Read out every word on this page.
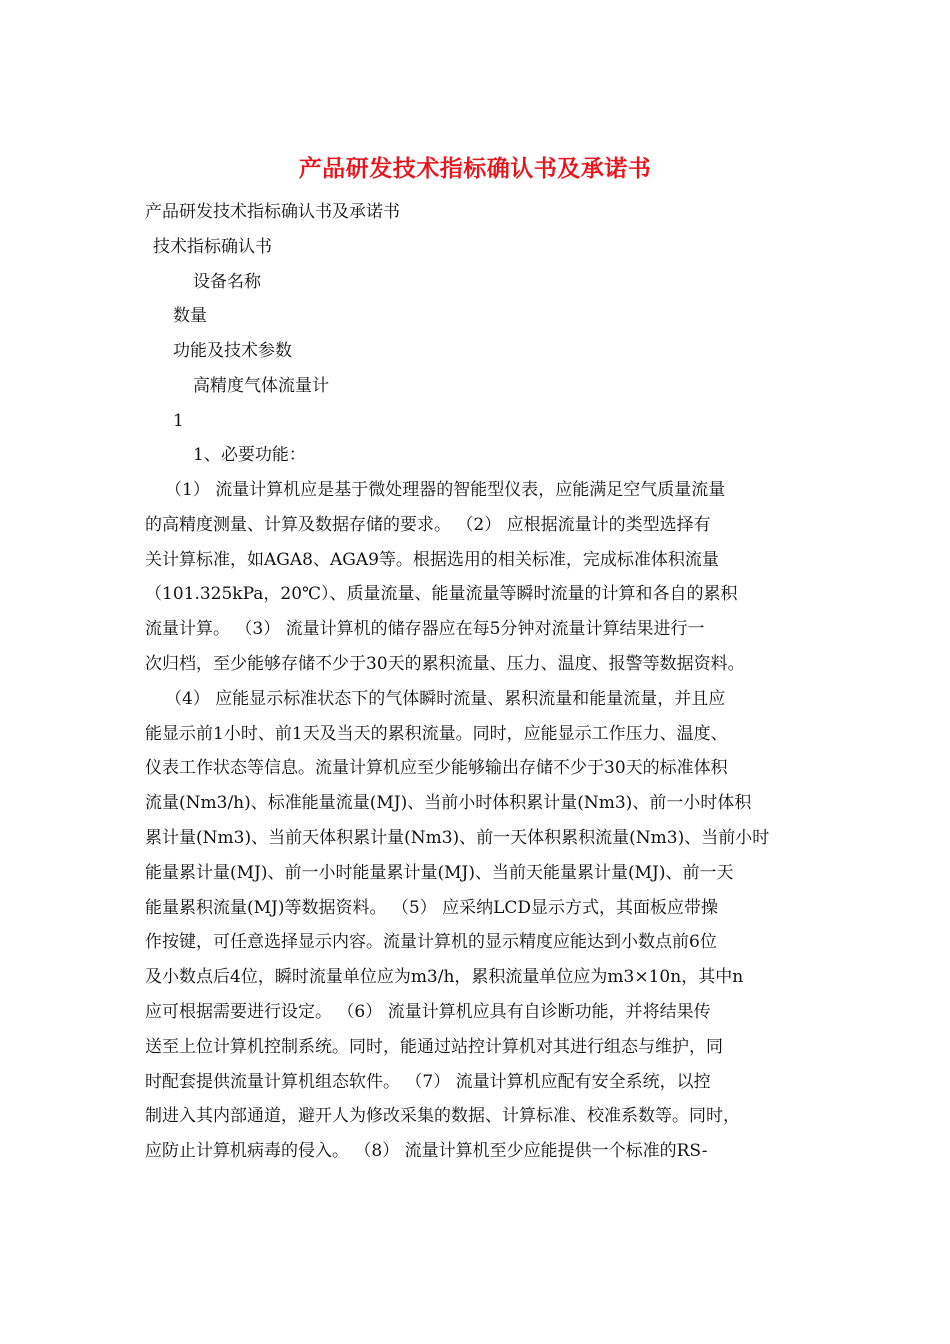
产品研发技术指标确认书及承诺书
产品研发技术指标确认书及承诺书
技术指标确认书
设备名称
数量
功能及技术参数
高精度气体流量计
1
1、必要功能：
（1） 流量计算机应是基于微处理器的智能型仪表，应能满足空气质量流量
的高精度测量、计算及数据存储的要求。 （2） 应根据流量计的类型选择有
关计算标准，如AGA8、AGA9等。根据选用的相关标准，完成标准体积流量
（101.325kPa，20℃）、质量流量、能量流量等瞬时流量的计算和各自的累积
流量计算。 （3） 流量计算机的储存器应在每5分钟对流量计算结果进行一
次归档，至少能够存储不少于30天的累积流量、压力、温度、报警等数据资料。
（4） 应能显示标准状态下的气体瞬时流量、累积流量和能量流量，并且应
能显示前1小时、前1天及当天的累积流量。同时，应能显示工作压力、温度、
仪表工作状态等信息。流量计算机应至少能够输出存储不少于30天的标准体积
流量(Nm3/h)、标准能量流量(MJ)、当前小时体积累计量(Nm3)、前一小时体积
累计量(Nm3)、当前天体积累计量(Nm3)、前一天体积累积流量(Nm3)、当前小时
能量累计量(MJ)、前一小时能量累计量(MJ)、当前天能量累计量(MJ)、前一天
能量累积流量(MJ)等数据资料。 （5） 应采纳LCD显示方式，其面板应带操
作按键，可任意选择显示内容。流量计算机的显示精度应能达到小数点前6位
及小数点后4位，瞬时流量单位应为m3/h，累积流量单位应为m3×10n，其中n
应可根据需要进行设定。 （6） 流量计算机应具有自诊断功能，并将结果传
送至上位计算机控制系统。同时，能通过站控计算机对其进行组态与维护，同
时配套提供流量计算机组态软件。 （7） 流量计算机应配有安全系统，以控
制进入其内部通道，避开人为修改采集的数据、计算标准、校准系数等。同时，
应防止计算机病毒的侵入。 （8） 流量计算机至少应能提供一个标准的RS-
